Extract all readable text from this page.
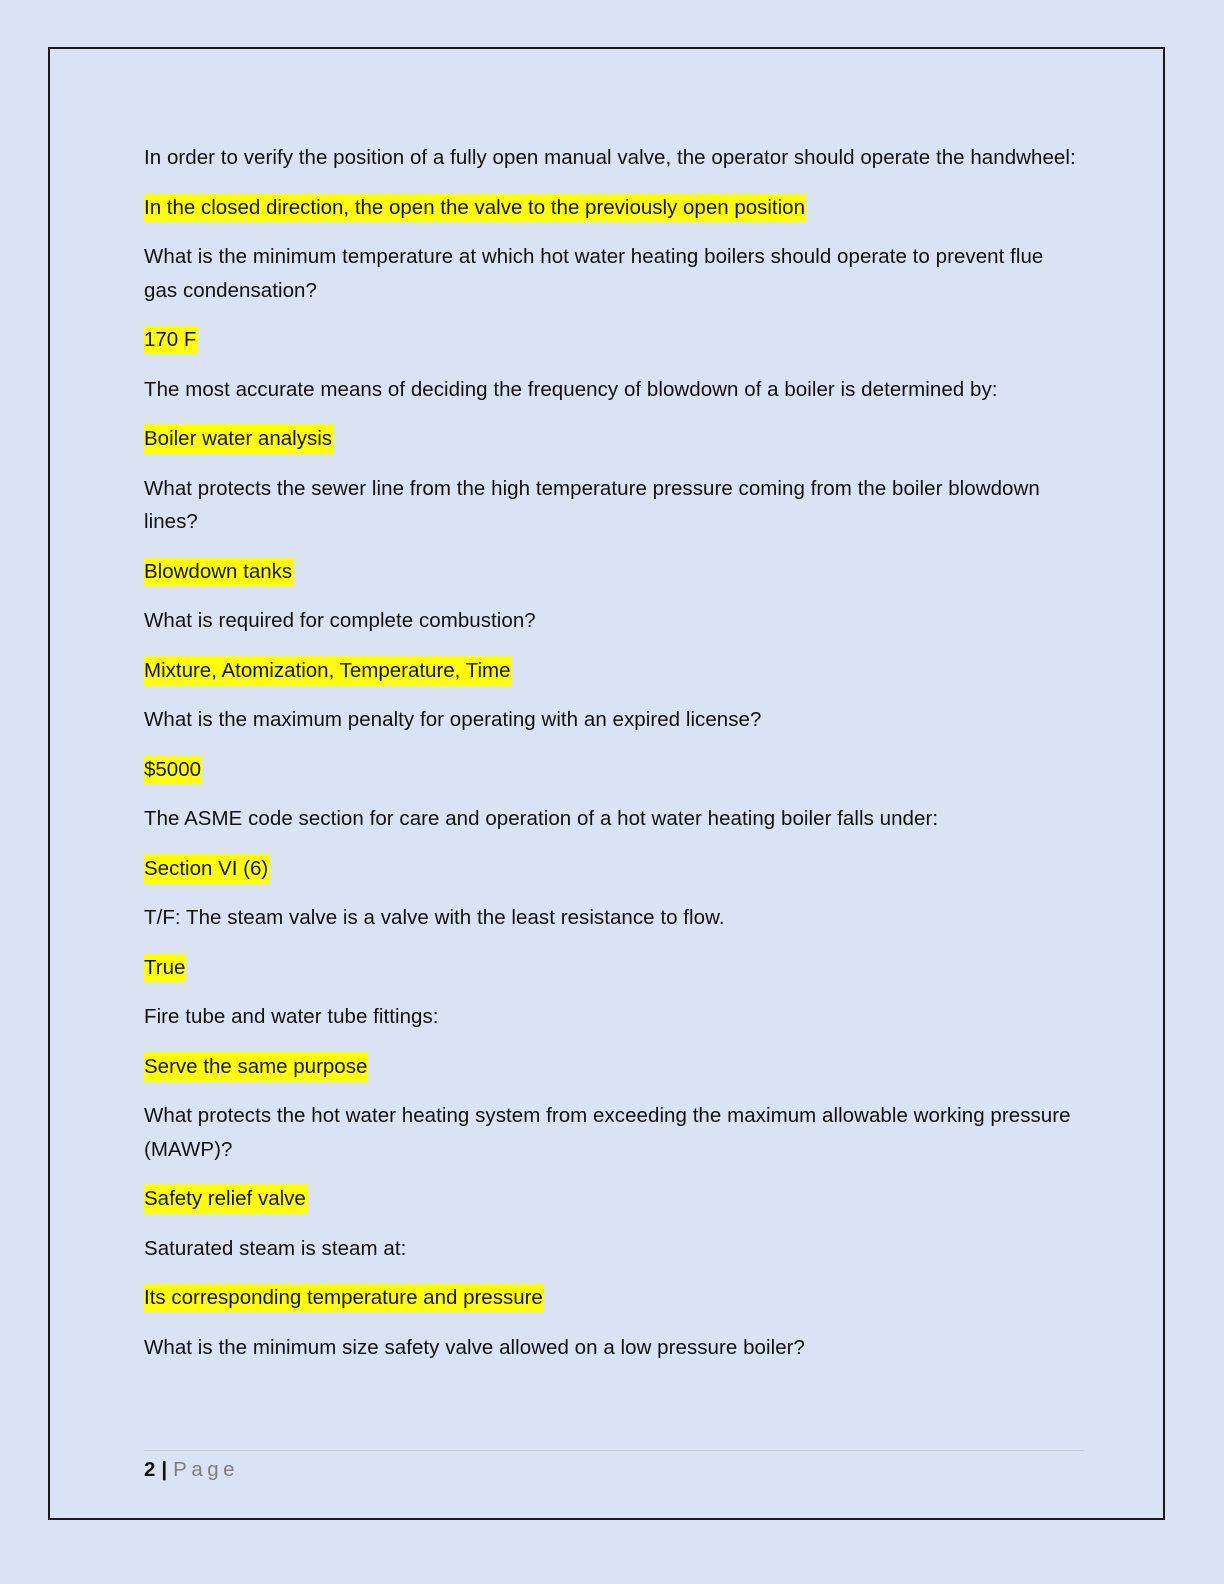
In order to verify the position of a fully open manual valve, the operator should operate the handwheel:

In the closed direction, the open the valve to the previously open position

What is the minimum temperature at which hot water heating boilers should operate to prevent flue gas condensation?

170 F

The most accurate means of deciding the frequency of blowdown of a boiler is determined by:

Boiler water analysis

What protects the sewer line from the high temperature pressure coming from the boiler blowdown lines?

Blowdown tanks

What is required for complete combustion?

Mixture, Atomization, Temperature, Time

What is the maximum penalty for operating with an expired license?

$5000

The ASME code section for care and operation of a hot water heating boiler falls under:

Section VI (6)

T/F: The steam valve is a valve with the least resistance to flow.

True

Fire tube and water tube fittings:

Serve the same purpose

What protects the hot water heating system from exceeding the maximum allowable working pressure (MAWP)?

Safety relief valve

Saturated steam is steam at:

Its corresponding temperature and pressure

What is the minimum size safety valve allowed on a low pressure boiler?

2 | Page
